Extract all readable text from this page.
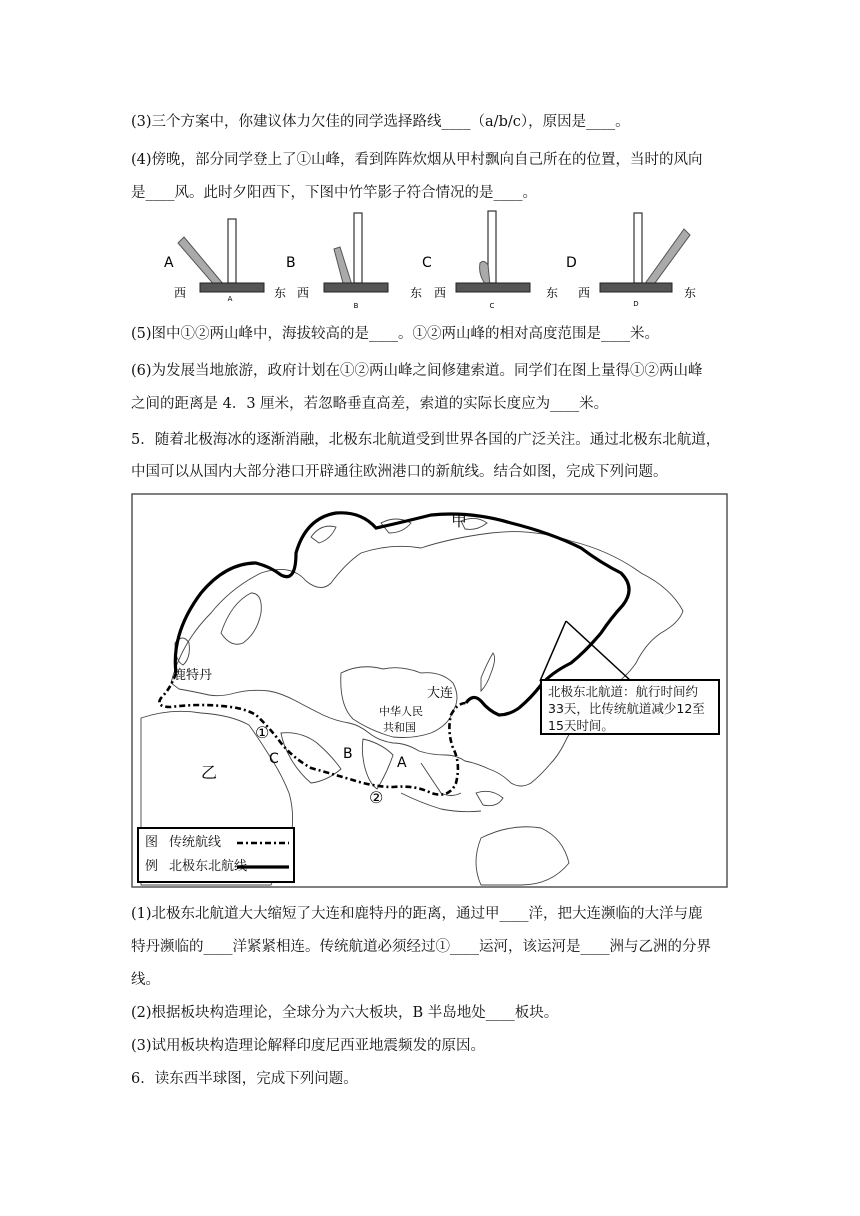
(3)三个方案中，你建议体力欠佳的同学选择路线____（a/b/c），原因是____。
(4)傍晚，部分同学登上了①山峰，看到阵阵炊烟从甲村飘向自己所在的位置，当时的风向
是____风。此时夕阳西下，下图中竹竿影子符合情况的是____。
A
A
西	东
B
B
西	东
C
C
西	东
D
D
西	东
(5)图中①②两山峰中，海拔较高的是____。①②两山峰的相对高度范围是____米。
(6)为发展当地旅游，政府计划在①②两山峰之间修建索道。同学们在图上量得①②两山峰
之间的距离是 4．3 厘米，若忽略垂直高差，索道的实际长度应为____米。
5．随着北极海冰的逐渐消融，北极东北航道受到世界各国的广泛关注。通过北极东北航道，
中国可以从国内大部分港口开辟通往欧洲港口的新航线。结合如图，完成下列问题。
甲
乙
鹿特丹
大连
中华人民
共和国
①
②
A
B
C
北极东北航道：航行时间约33天，比传统航道减少12至15天时间。
图
例
传统航线
北极东北航线
(1)北极东北航道大大缩短了大连和鹿特丹的距离，通过甲____洋，把大连濒临的大洋与鹿
特丹濒临的____洋紧紧相连。传统航道必须经过①____运河，该运河是____洲与乙洲的分界
线。
(2)根据板块构造理论，全球分为六大板块，B 半岛地处____板块。
(3)试用板块构造理论解释印度尼西亚地震频发的原因。
6．读东西半球图，完成下列问题。
